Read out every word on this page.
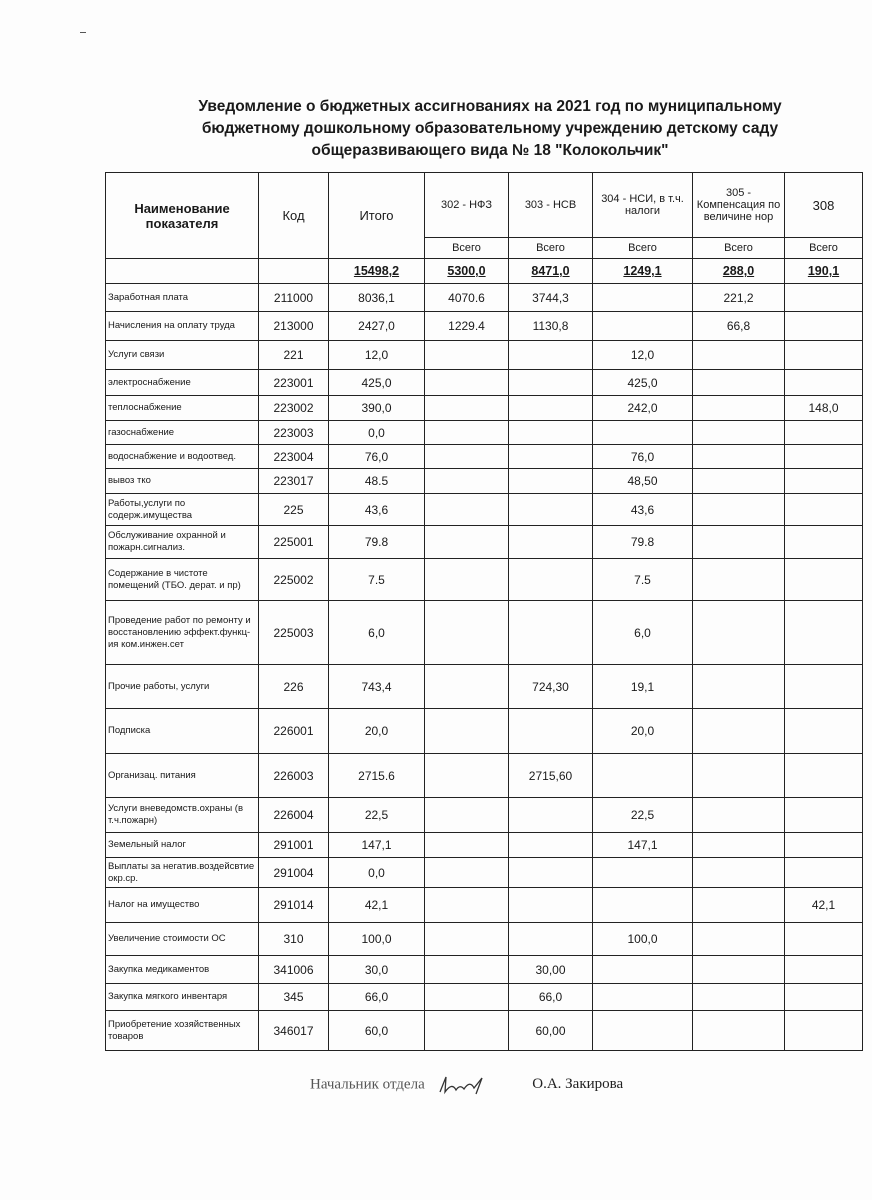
Уведомление о бюджетных ассигнованиях на 2021 год по муниципальному
бюджетному дошкольному образовательному учреждению детскому саду
общеразвивающего вида № 18 "Колокольчик"
Наименование показателя	Код	Итого	302 - НФЗ	303 - НСВ	304 - НСИ, в т.ч. налоги	305 - Компенсация по величине нор	308
			Всего	Всего	Всего	Всего	Всего
		15498,2	5300,0	8471,0	1249,1	288,0	190,1
Заработная плата	211000	8036,1	4070.6	3744,3		221,2	
Начисления на оплату труда	213000	2427,0	1229.4	1130,8		66,8	
Услуги связи	221	12,0			12,0		
электроснабжение	223001	425,0			425,0		
теплоснабжение	223002	390,0			242,0		148,0
газоснабжение	223003	0,0					
водоснабжение и водоотвед.	223004	76,0			76,0		
вывоз тко	223017	48.5			48,50		
Работы,услуги по содерж.имущества	225	43,6			43,6		
Обслуживание охранной и пожарн.сигнализ.	225001	79.8			79.8		
Содержание в чистоте помещений (ТБО. дерат. и пр)	225002	7.5			7.5		
Проведение работ по ремонту и восстановлению эффект.функц-ия ком.инжен.сет	225003	6,0			6,0		
Прочие работы, услуги	226	743,4		724,30	19,1		
Подписка	226001	20,0			20,0		
Организац. питания	226003	2715.6		2715,60			
Услуги вневедомств.охраны (в т.ч.пожарн)	226004	22,5			22,5		
Земельный налог	291001	147,1			147,1		
Выплаты за негатив.воздейсвтие окр.ср.	291004	0,0					
Налог на имущество	291014	42,1					42,1
Увеличение стоимости ОС	310	100,0			100,0		
Закупка медикаментов	341006	30,0		30,00			
Закупка мягкого инвентаря	345	66,0		66,0			
Приобретение хозяйственных товаров	346017	60,0		60,00			
Начальник отдела	О.А. Закирова
